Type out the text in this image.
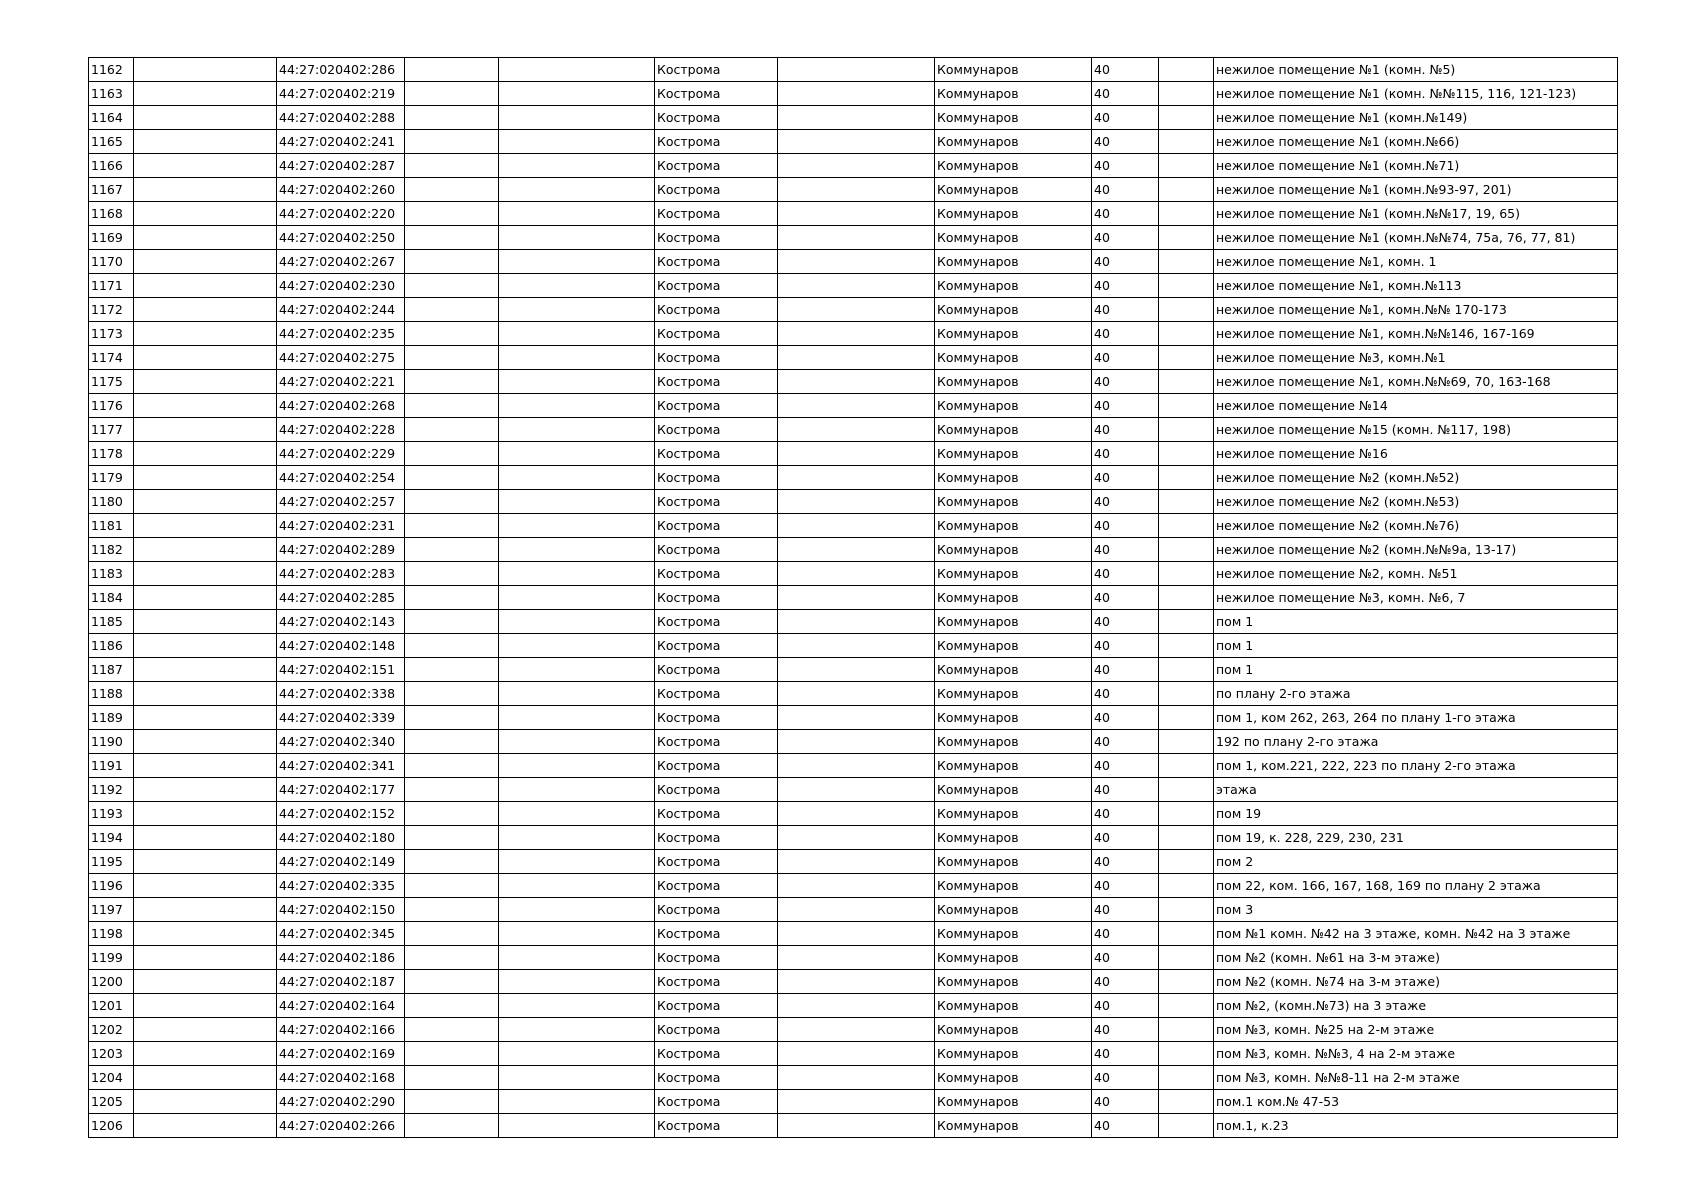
1162		44:27:020402:286			Кострома		Коммунаров	40		нежилое помещение №1 (комн. №5)
1163		44:27:020402:219			Кострома		Коммунаров	40		нежилое помещение №1 (комн. №№115, 116, 121-123)
1164		44:27:020402:288			Кострома		Коммунаров	40		нежилое помещение №1 (комн.№149)
1165		44:27:020402:241			Кострома		Коммунаров	40		нежилое помещение №1 (комн.№66)
1166		44:27:020402:287			Кострома		Коммунаров	40		нежилое помещение №1 (комн.№71)
1167		44:27:020402:260			Кострома		Коммунаров	40		нежилое помещение №1 (комн.№93-97, 201)
1168		44:27:020402:220			Кострома		Коммунаров	40		нежилое помещение №1 (комн.№№17, 19, 65)
1169		44:27:020402:250			Кострома		Коммунаров	40		нежилое помещение №1 (комн.№№74, 75а, 76, 77, 81)
1170		44:27:020402:267			Кострома		Коммунаров	40		нежилое помещение №1, комн. 1
1171		44:27:020402:230			Кострома		Коммунаров	40		нежилое помещение №1, комн.№113
1172		44:27:020402:244			Кострома		Коммунаров	40		нежилое помещение №1, комн.№№ 170-173
1173		44:27:020402:235			Кострома		Коммунаров	40		нежилое помещение №1, комн.№№146, 167-169
1174		44:27:020402:275			Кострома		Коммунаров	40		нежилое помещение №3, комн.№1
1175		44:27:020402:221			Кострома		Коммунаров	40		нежилое помещение №1, комн.№№69, 70, 163-168
1176		44:27:020402:268			Кострома		Коммунаров	40		нежилое помещение №14
1177		44:27:020402:228			Кострома		Коммунаров	40		нежилое помещение №15 (комн. №117, 198)
1178		44:27:020402:229			Кострома		Коммунаров	40		нежилое помещение №16
1179		44:27:020402:254			Кострома		Коммунаров	40		нежилое помещение №2 (комн.№52)
1180		44:27:020402:257			Кострома		Коммунаров	40		нежилое помещение №2 (комн.№53)
1181		44:27:020402:231			Кострома		Коммунаров	40		нежилое помещение №2 (комн.№76)
1182		44:27:020402:289			Кострома		Коммунаров	40		нежилое помещение №2 (комн.№№9а, 13-17)
1183		44:27:020402:283			Кострома		Коммунаров	40		нежилое помещение №2, комн. №51
1184		44:27:020402:285			Кострома		Коммунаров	40		нежилое помещение №3, комн. №6, 7
1185		44:27:020402:143			Кострома		Коммунаров	40		пом 1
1186		44:27:020402:148			Кострома		Коммунаров	40		пом 1
1187		44:27:020402:151			Кострома		Коммунаров	40		пом 1
1188		44:27:020402:338			Кострома		Коммунаров	40		по плану 2-го этажа
1189		44:27:020402:339			Кострома		Коммунаров	40		пом 1, ком 262, 263, 264 по плану 1-го этажа
1190		44:27:020402:340			Кострома		Коммунаров	40		192 по плану 2-го этажа
1191		44:27:020402:341			Кострома		Коммунаров	40		пом 1, ком.221, 222, 223 по плану 2-го этажа
1192		44:27:020402:177			Кострома		Коммунаров	40		этажа
1193		44:27:020402:152			Кострома		Коммунаров	40		пом 19
1194		44:27:020402:180			Кострома		Коммунаров	40		пом 19, к. 228, 229, 230, 231
1195		44:27:020402:149			Кострома		Коммунаров	40		пом 2
1196		44:27:020402:335			Кострома		Коммунаров	40		пом 22, ком. 166, 167, 168, 169 по плану 2 этажа
1197		44:27:020402:150			Кострома		Коммунаров	40		пом 3
1198		44:27:020402:345			Кострома		Коммунаров	40		пом №1 комн. №42 на 3 этаже, комн. №42 на 3 этаже
1199		44:27:020402:186			Кострома		Коммунаров	40		пом №2 (комн. №61 на 3-м этаже)
1200		44:27:020402:187			Кострома		Коммунаров	40		пом №2 (комн. №74 на 3-м этаже)
1201		44:27:020402:164			Кострома		Коммунаров	40		пом №2, (комн.№73) на 3 этаже
1202		44:27:020402:166			Кострома		Коммунаров	40		пом №3, комн. №25 на 2-м этаже
1203		44:27:020402:169			Кострома		Коммунаров	40		пом №3, комн. №№3, 4 на 2-м этаже
1204		44:27:020402:168			Кострома		Коммунаров	40		пом №3, комн. №№8-11 на 2-м этаже
1205		44:27:020402:290			Кострома		Коммунаров	40		пом.1 ком.№ 47-53
1206		44:27:020402:266			Кострома		Коммунаров	40		пом.1, к.23
